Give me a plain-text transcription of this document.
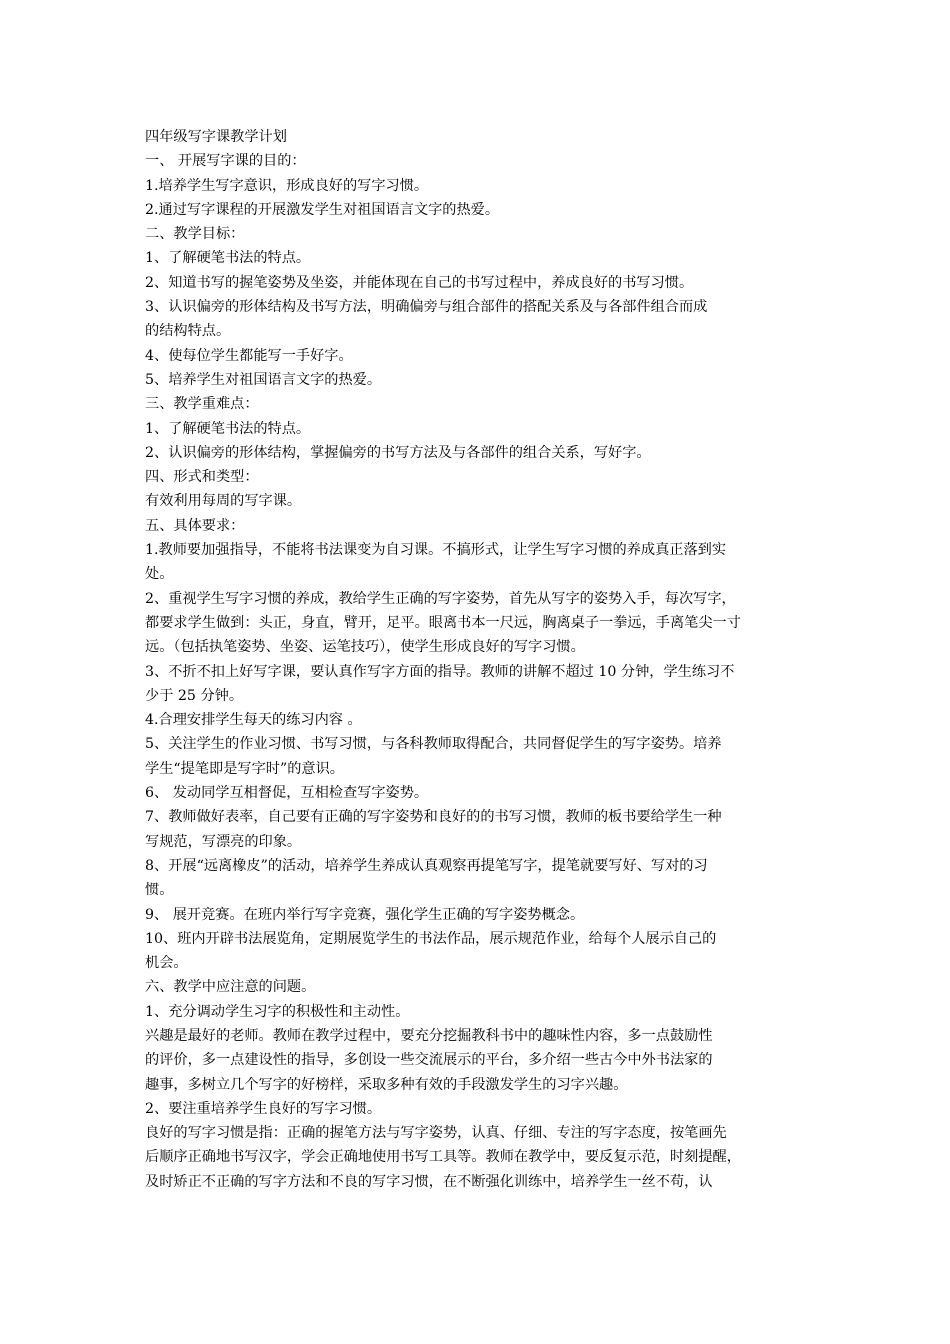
四年级写字课教学计划
一、 开展写字课的目的：
1.培养学生写字意识，形成良好的写字习惯。
2.通过写字课程的开展激发学生对祖国语言文字的热爱。
二、教学目标：
1、了解硬笔书法的特点。
2、知道书写的握笔姿势及坐姿，并能体现在自己的书写过程中，养成良好的书写习惯。
3、认识偏旁的形体结构及书写方法，明确偏旁与组合部件的搭配关系及与各部件组合而成
的结构特点。
4、使每位学生都能写一手好字。
5、培养学生对祖国语言文字的热爱。
三、教学重难点：
1、了解硬笔书法的特点。
2、认识偏旁的形体结构，掌握偏旁的书写方法及与各部件的组合关系，写好字。
四、形式和类型：
有效利用每周的写字课。
五、具体要求：
1.教师要加强指导，不能将书法课变为自习课。不搞形式，让学生写字习惯的养成真正落到实
处。
2、重视学生写字习惯的养成，教给学生正确的写字姿势，首先从写字的姿势入手，每次写字，
都要求学生做到：头正，身直，臂开，足平。眼离书本一尺远，胸离桌子一拳远，手离笔尖一寸
远。（包括执笔姿势、坐姿、运笔技巧），使学生形成良好的写字习惯。
3、不折不扣上好写字课，要认真作写字方面的指导。教师的讲解不超过 10 分钟，学生练习不
少于 25 分钟。
4.合理安排学生每天的练习内容 。
5、关注学生的作业习惯、书写习惯，与各科教师取得配合，共同督促学生的写字姿势。培养
学生“提笔即是写字时”的意识。
6、 发动同学互相督促，互相检查写字姿势。
7、教师做好表率，自己要有正确的写字姿势和良好的的书写习惯，教师的板书要给学生一种
写规范，写漂亮的印象。
8、开展“远离橡皮”的活动，培养学生养成认真观察再提笔写字，提笔就要写好、写对的习
惯。
9、 展开竞赛。在班内举行写字竞赛，强化学生正确的写字姿势概念。
10、班内开辟书法展览角，定期展览学生的书法作品，展示规范作业，给每个人展示自己的
机会。
六、教学中应注意的问题。
1、充分调动学生习字的积极性和主动性。
兴趣是最好的老师。教师在教学过程中，要充分挖掘教科书中的趣味性内容，多一点鼓励性
的评价，多一点建设性的指导，多创设一些交流展示的平台，多介绍一些古今中外书法家的
趣事，多树立几个写字的好榜样，采取多种有效的手段激发学生的习字兴趣。
2、要注重培养学生良好的写字习惯。
良好的写字习惯是指：正确的握笔方法与写字姿势，认真、仔细、专注的写字态度，按笔画先
后顺序正确地书写汉字，学会正确地使用书写工具等。教师在教学中，要反复示范，时刻提醒，
及时矫正不正确的写字方法和不良的写字习惯，在不断强化训练中，培养学生一丝不苟，认
